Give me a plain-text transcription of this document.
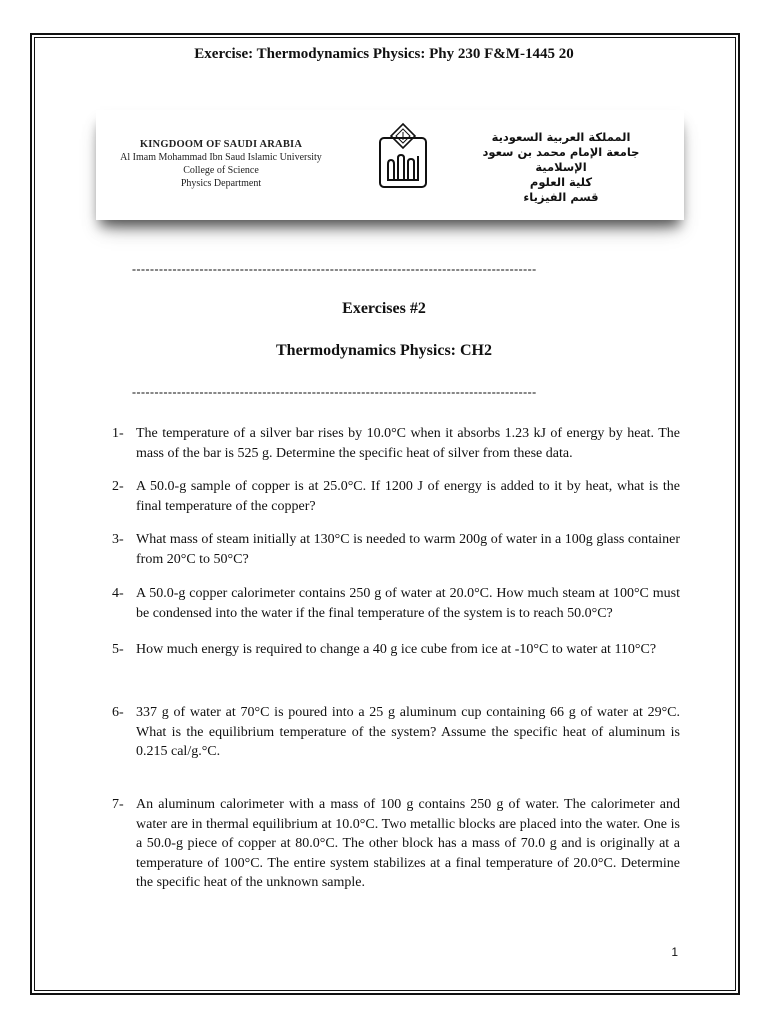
Exercise: Thermodynamics Physics: Phy 230 F&M-1445 20
KINGDOOM OF SAUDI ARABIA
Al Imam Mohammad Ibn Saud Islamic University
College of Science
Physics Department
المملكة العربية السعودية
جامعة الإمام محمد بن سعود الإسلامية
كلية العلوم
قسم الفيزياء
------------------------------------------------------------------------------------------
Exercises #2
Thermodynamics Physics: CH2
------------------------------------------------------------------------------------------
1- The temperature of a silver bar rises by 10.0°C when it absorbs 1.23 kJ of energy by heat. The mass of the bar is 525 g. Determine the specific heat of silver from these data.
2- A 50.0-g sample of copper is at 25.0°C. If 1200 J of energy is added to it by heat, what is the final temperature of the copper?
3- What mass of steam initially at 130°C is needed to warm 200g of water in a 100g glass container from 20°C to 50°C?
4- A 50.0-g copper calorimeter contains 250 g of water at 20.0°C. How much steam at 100°C must be condensed into the water if the final temperature of the system is to reach 50.0°C?
5- How much energy is required to change a 40 g ice cube from ice at -10°C to water at 110°C?
6- 337 g of water at 70°C is poured into a 25 g aluminum cup containing 66 g of water at 29°C. What is the equilibrium temperature of the system? Assume the specific heat of aluminum is 0.215 cal/g.°C.
7- An aluminum calorimeter with a mass of 100 g contains 250 g of water. The calorimeter and water are in thermal equilibrium at 10.0°C. Two metallic blocks are placed into the water. One is a 50.0-g piece of copper at 80.0°C. The other block has a mass of 70.0 g and is originally at a temperature of 100°C. The entire system stabilizes at a final temperature of 20.0°C. Determine the specific heat of the unknown sample.
1
